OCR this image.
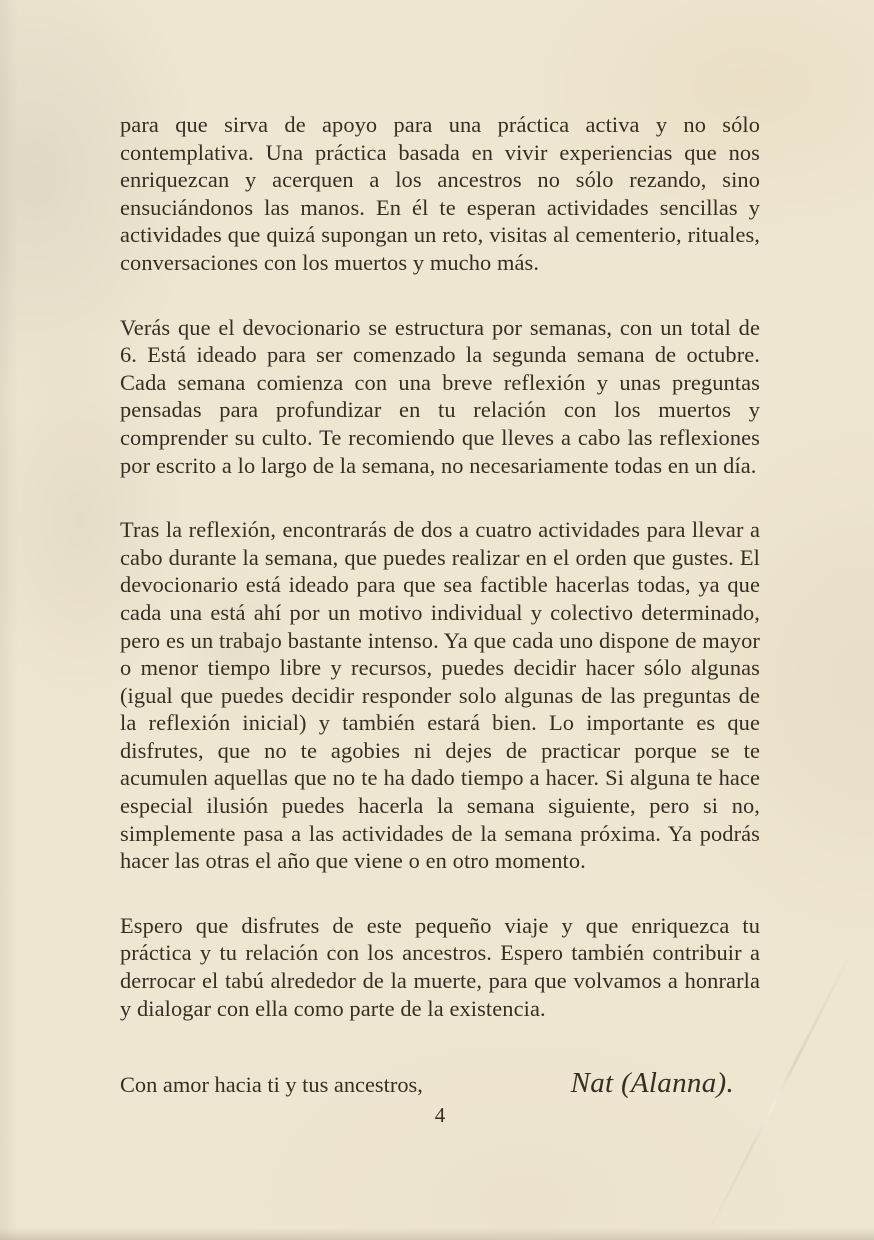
para que sirva de apoyo para una práctica activa y no sólo contemplativa. Una práctica basada en vivir experiencias que nos enriquezcan y acerquen a los ancestros no sólo rezando, sino ensuciándonos las manos. En él te esperan actividades sencillas y actividades que quizá supongan un reto, visitas al cementerio, rituales, conversaciones con los muertos y mucho más.

Verás que el devocionario se estructura por semanas, con un total de 6. Está ideado para ser comenzado la segunda semana de octubre. Cada semana comienza con una breve reflexión y unas preguntas pensadas para profundizar en tu relación con los muertos y comprender su culto. Te recomiendo que lleves a cabo las reflexiones por escrito a lo largo de la semana, no necesariamente todas en un día.

Tras la reflexión, encontrarás de dos a cuatro actividades para llevar a cabo durante la semana, que puedes realizar en el orden que gustes. El devocionario está ideado para que sea factible hacerlas todas, ya que cada una está ahí por un motivo individual y colectivo determinado, pero es un trabajo bastante intenso. Ya que cada uno dispone de mayor o menor tiempo libre y recursos, puedes decidir hacer sólo algunas (igual que puedes decidir responder solo algunas de las preguntas de la reflexión inicial) y también estará bien. Lo importante es que disfrutes, que no te agobies ni dejes de practicar porque se te acumulen aquellas que no te ha dado tiempo a hacer. Si alguna te hace especial ilusión puedes hacerla la semana siguiente, pero si no, simplemente pasa a las actividades de la semana próxima. Ya podrás hacer las otras el año que viene o en otro momento.

Espero que disfrutes de este pequeño viaje y que enriquezca tu práctica y tu relación con los ancestros. Espero también contribuir a derrocar el tabú alrededor de la muerte, para que volvamos a honrarla y dialogar con ella como parte de la existencia.

Con amor hacia ti y tus ancestros,	Nat (Alanna).
4
